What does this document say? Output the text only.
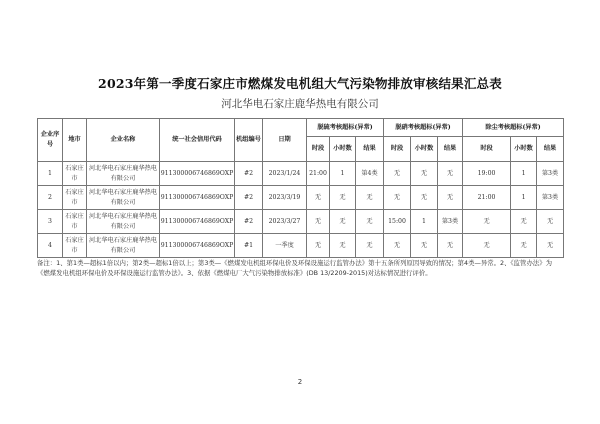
2023年第一季度石家庄市燃煤发电机组大气污染物排放审核结果汇总表
河北华电石家庄鹿华热电有限公司
企业序号	地市	企业名称	统一社会信用代码	机组编号	日期	脱硫考核超标(异常)			脱硝考核超标(异常)			除尘考核超标(异常)		
						时段	小时数	结果	时段	小时数	结果	时段	小时数	结果
1	石家庄市	河北华电石家庄鹿华热电有限公司	911300006746869OXP	#2	2023/1/24	21:00	1	第4类	无	无	无	19:00	1	第3类
2	石家庄市	河北华电石家庄鹿华热电有限公司	911300006746869OXP	#2	2023/3/19	无	无	无	无	无	无	21:00	1	第3类
3	石家庄市	河北华电石家庄鹿华热电有限公司	911300006746869OXP	#2	2023/3/27	无	无	无	15:00	1	第3类	无	无	无
4	石家庄市	河北华电石家庄鹿华热电有限公司	911300006746869OXP	#1	一季度	无	无	无	无	无	无	无	无	无
备注：1、第1类—超标1倍以内；第2类—超标1倍以上；第3类—《燃煤发电机组环保电价及环保设施运行监管办法》第十五条所列原因导致的情况；第4类—异常。2、《监管办法》为《燃煤发电机组环保电价及环保设施运行监管办法》。3、依据《燃煤电厂大气污染物排放标准》(DB 13/2209-2015)对达标情况进行评价。
2
